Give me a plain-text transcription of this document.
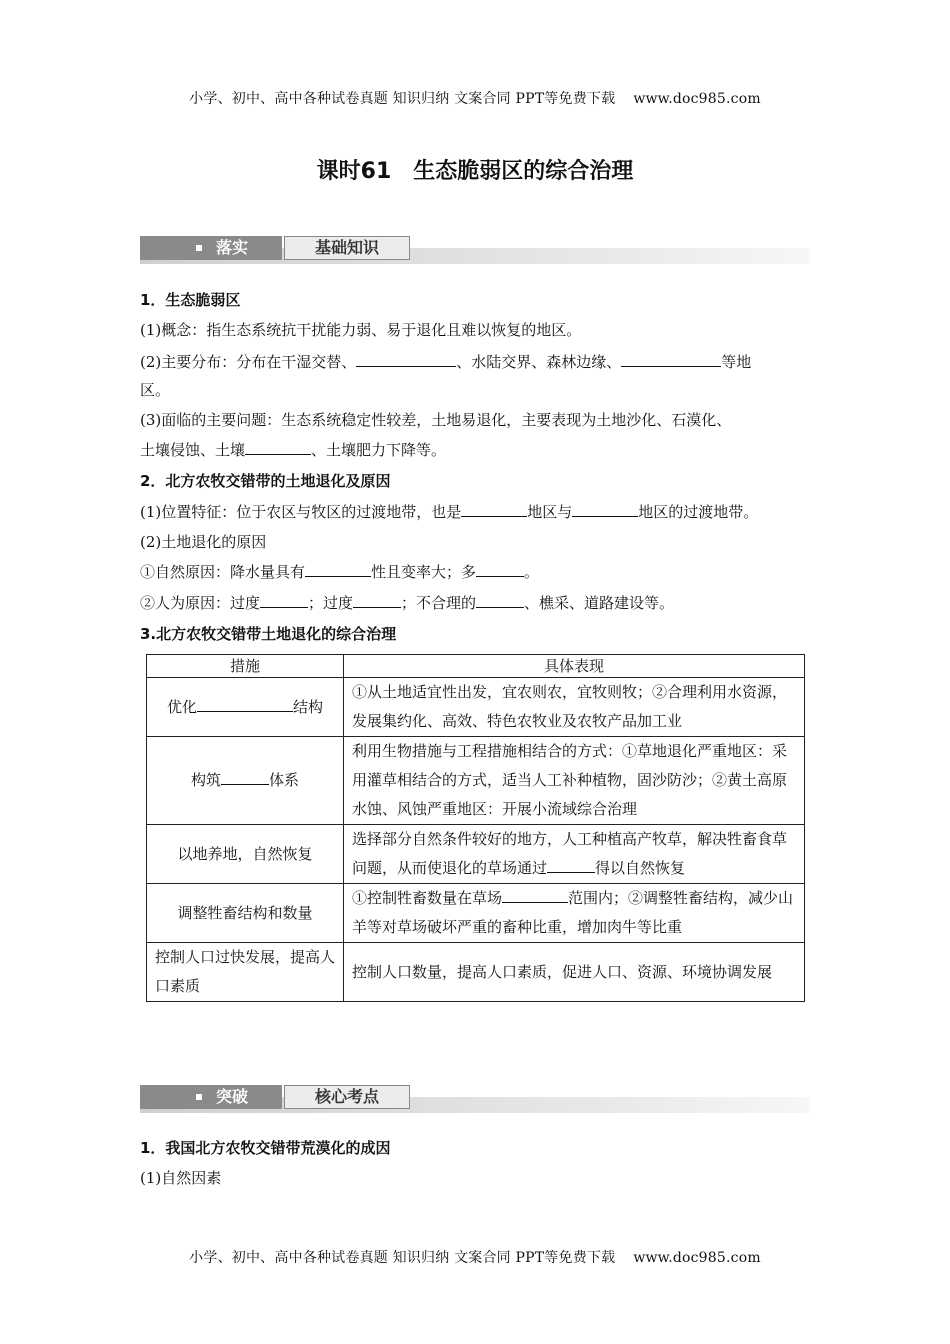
小学、初中、高中各种试卷真题 知识归纳 文案合同 PPT等免费下载 www.doc985.com
课时61 生态脆弱区的综合治理
落实	基础知识
1．生态脆弱区
(1)概念：指生态系统抗干扰能力弱、易于退化且难以恢复的地区。
(2)主要分布：分布在干湿交替、	、水陆交界、森林边缘、	等地
区。
(3)面临的主要问题：生态系统稳定性较差，土地易退化，主要表现为土地沙化、石漠化、
土壤侵蚀、土壤	、土壤肥力下降等。
2．北方农牧交错带的土地退化及原因
(1)位置特征：位于农区与牧区的过渡地带，也是	地区与	地区的过渡地带。
(2)土地退化的原因
①自然原因：降水量具有	性且变率大；多	。
②人为原因：过度	；过度	；不合理的	、樵采、道路建设等。
3.北方农牧交错带土地退化的综合治理
措施	具体表现
优化 结构	①从土地适宜性出发，宜农则农，宜牧则牧；②合理利用水资源，发展集约化、高效、特色农牧业及农牧产品加工业
构筑 体系	利用生物措施与工程措施相结合的方式：①草地退化严重地区：采用灌草相结合的方式，适当人工补种植物，固沙防沙；②黄土高原水蚀、风蚀严重地区：开展小流域综合治理
以地养地，自然恢复	选择部分自然条件较好的地方，人工种植高产牧草，解决牲畜食草问题，从而使退化的草场通过 得以自然恢复
调整牲畜结构和数量	①控制牲畜数量在草场 范围内；②调整牲畜结构，减少山羊等对草场破坏严重的畜种比重，增加肉牛等比重
控制人口过快发展，提高人口素质	控制人口数量，提高人口素质，促进人口、资源、环境协调发展
突破	核心考点
1．我国北方农牧交错带荒漠化的成因
(1)自然因素
小学、初中、高中各种试卷真题 知识归纳 文案合同 PPT等免费下载 www.doc985.com
